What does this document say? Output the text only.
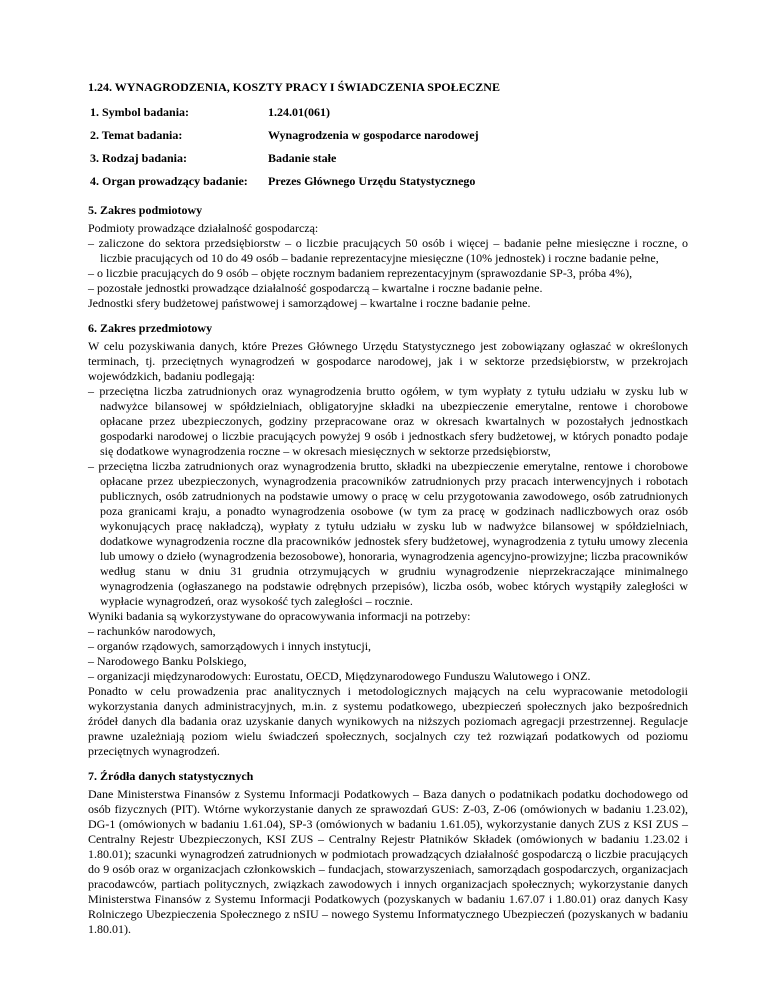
1.24. WYNAGRODZENIA, KOSZTY PRACY I ŚWIADCZENIA SPOŁECZNE
1. Symbol badania:	1.24.01(061)
2. Temat badania:	Wynagrodzenia w gospodarce narodowej
3. Rodzaj badania:	Badanie stałe
4. Organ prowadzący badanie:	Prezes Głównego Urzędu Statystycznego
5. Zakres podmiotowy

Podmioty prowadzące działalność gospodarczą:

– zaliczone do sektora przedsiębiorstw – o liczbie pracujących 50 osób i więcej – badanie pełne miesięczne i roczne, o liczbie pracujących od 10 do 49 osób – badanie reprezentacyjne miesięczne (10% jednostek) i roczne badanie pełne,
– o liczbie pracujących do 9 osób – objęte rocznym badaniem reprezentacyjnym (sprawozdanie SP-3, próba 4%),
– pozostałe jednostki prowadzące działalność gospodarczą – kwartalne i roczne badanie pełne.

Jednostki sfery budżetowej państwowej i samorządowej – kwartalne i roczne badanie pełne.

6. Zakres przedmiotowy

W celu pozyskiwania danych, które Prezes Głównego Urzędu Statystycznego jest zobowiązany ogłaszać w określonych terminach, tj. przeciętnych wynagrodzeń w gospodarce narodowej, jak i w sektorze przedsiębiorstw, w przekrojach wojewódzkich, badaniu podlegają:

– przeciętna liczba zatrudnionych oraz wynagrodzenia brutto ogółem, w tym wypłaty z tytułu udziału w zysku lub w nadwyżce bilansowej w spółdzielniach, obligatoryjne składki na ubezpieczenie emerytalne, rentowe i chorobowe opłacane przez ubezpieczonych, godziny przepracowane oraz w okresach kwartalnych w pozostałych jednostkach gospodarki narodowej o liczbie pracujących powyżej 9 osób i jednostkach sfery budżetowej, w których ponadto podaje się dodatkowe wynagrodzenia roczne – w okresach miesięcznych w sektorze przedsiębiorstw,
– przeciętna liczba zatrudnionych oraz wynagrodzenia brutto, składki na ubezpieczenie emerytalne, rentowe i chorobowe opłacane przez ubezpieczonych, wynagrodzenia pracowników zatrudnionych przy pracach interwencyjnych i robotach publicznych, osób zatrudnionych na podstawie umowy o pracę w celu przygotowania zawodowego, osób zatrudnionych poza granicami kraju, a ponadto wynagrodzenia osobowe (w tym za pracę w godzinach nadliczbowych oraz osób wykonujących pracę nakładczą), wypłaty z tytułu udziału w zysku lub w nadwyżce bilansowej w spółdzielniach, dodatkowe wynagrodzenia roczne dla pracowników jednostek sfery budżetowej, wynagrodzenia z tytułu umowy zlecenia lub umowy o dzieło (wynagrodzenia bezosobowe), honoraria, wynagrodzenia agencyjno-prowizyjne; liczba pracowników według stanu w dniu 31 grudnia otrzymujących w grudniu wynagrodzenie nieprzekraczające minimalnego wynagrodzenia (ogłaszanego na podstawie odrębnych przepisów), liczba osób, wobec których wystąpiły zaległości w wypłacie wynagrodzeń, oraz wysokość tych zaległości – rocznie.

Wyniki badania są wykorzystywane do opracowywania informacji na potrzeby:

– rachunków narodowych,
– organów rządowych, samorządowych i innych instytucji,
– Narodowego Banku Polskiego,
– organizacji międzynarodowych: Eurostatu, OECD, Międzynarodowego Funduszu Walutowego i ONZ.

Ponadto w celu prowadzenia prac analitycznych i metodologicznych mających na celu wypracowanie metodologii wykorzystania danych administracyjnych, m.in. z systemu podatkowego, ubezpieczeń społecznych jako bezpośrednich źródeł danych dla badania oraz uzyskanie danych wynikowych na niższych poziomach agregacji przestrzennej. Regulacje prawne uzależniają poziom wielu świadczeń społecznych, socjalnych czy też rozwiązań podatkowych od poziomu przeciętnych wynagrodzeń.

7. Źródła danych statystycznych

Dane Ministerstwa Finansów z Systemu Informacji Podatkowych – Baza danych o podatnikach podatku dochodowego od osób fizycznych (PIT). Wtórne wykorzystanie danych ze sprawozdań GUS: Z-03, Z-06 (omówionych w badaniu 1.23.02), DG-1 (omówionych w badaniu 1.61.04), SP-3 (omówionych w badaniu 1.61.05), wykorzystanie danych ZUS z KSI ZUS – Centralny Rejestr Ubezpieczonych, KSI ZUS – Centralny Rejestr Płatników Składek (omówionych w badaniu 1.23.02 i 1.80.01); szacunki wynagrodzeń zatrudnionych w podmiotach prowadzących działalność gospodarczą o liczbie pracujących do 9 osób oraz w organizacjach członkowskich – fundacjach, stowarzyszeniach, samorządach gospodarczych, organizacjach pracodawców, partiach politycznych, związkach zawodowych i innych organizacjach społecznych; wykorzystanie danych Ministerstwa Finansów z Systemu Informacji Podatkowych (pozyskanych w badaniu 1.67.07 i 1.80.01) oraz danych Kasy Rolniczego Ubezpieczenia Społecznego z nSIU – nowego Systemu Informatycznego Ubezpieczeń (pozyskanych w badaniu 1.80.01).
